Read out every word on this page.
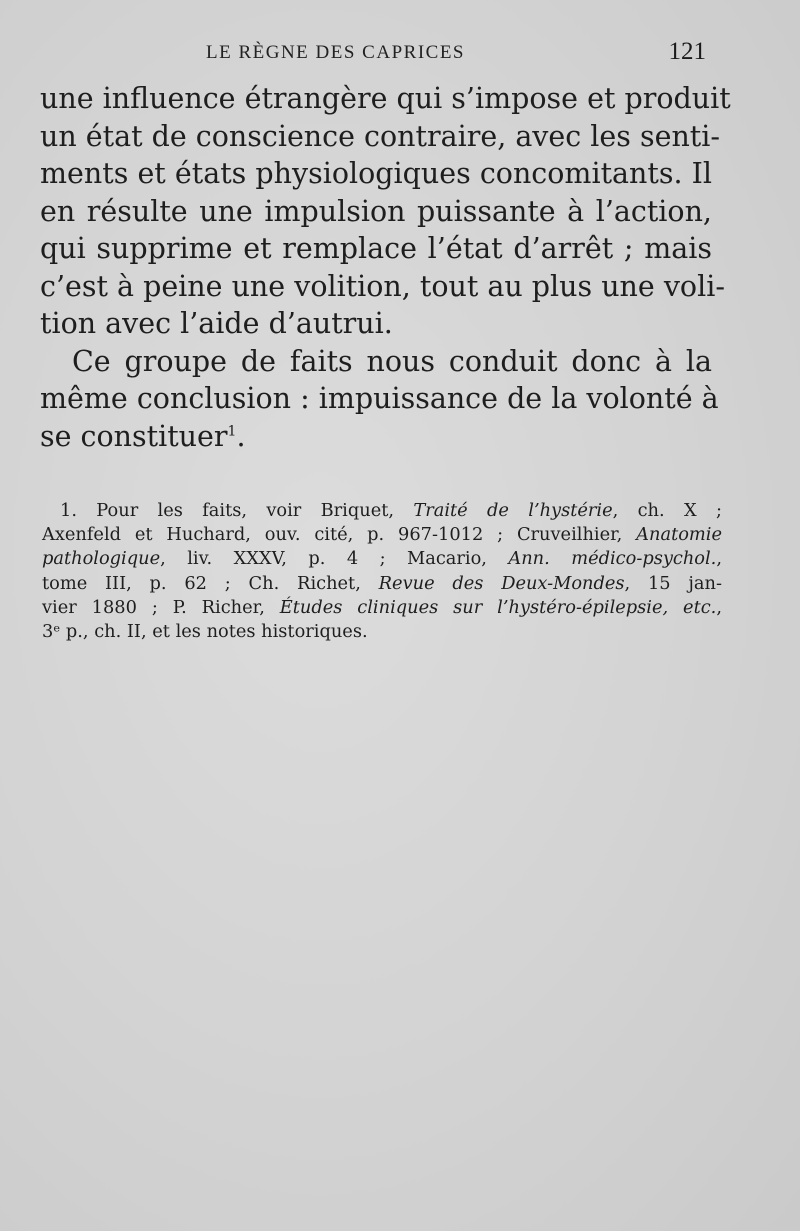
LE RÈGNE DES CAPRICES	121
une influence étrangère qui s’impose et produit
un état de conscience contraire, avec les senti-
ments et états physiologiques concomitants. Il
en résulte une impulsion puissante à l’action,
qui supprime et remplace l’état d’arrêt ; mais
c’est à peine une volition, tout au plus une voli-
tion avec l’aide d’autrui.
Ce groupe de faits nous conduit donc à la
même conclusion : impuissance de la volonté à
se constituer$^1$.
1. Pour les faits, voir Briquet, Traité de l’hystérie, ch. X ;
Axenfeld et Huchard, ouv. cité, p. 967-1012 ; Cruveilhier, Anatomie
pathologique, liv. XXXV, p. 4 ; Macario, Ann. médico-psychol.,
tome III, p. 62 ; Ch. Richet, Revue des Deux-Mondes, 15 jan-
vier 1880 ; P. Richer, Études cliniques sur l’hystéro-épilepsie, etc.,
3ᵉ p., ch. II, et les notes historiques.
